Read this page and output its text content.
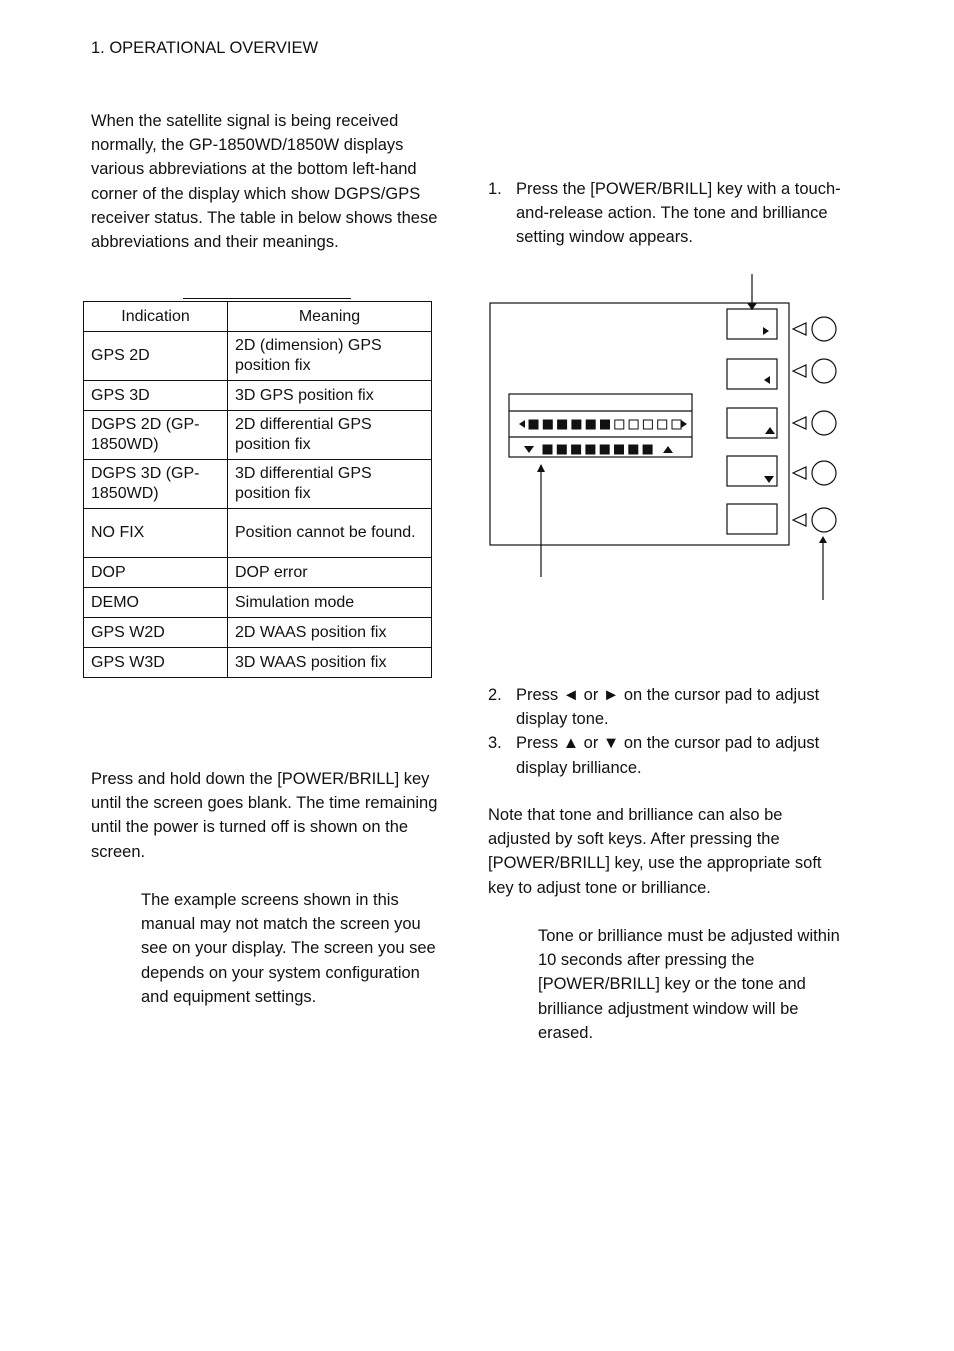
1. OPERATIONAL OVERVIEW
When the satellite signal is being received normally, the GP-1850WD/1850W displays various abbreviations at the bottom left-hand corner of the display which show DGPS/GPS receiver status. The table in below shows these abbreviations and their meanings.
Indication	Meaning
GPS 2D	2D (dimension) GPS position fix
GPS 3D	3D GPS position fix
DGPS 2D (GP-1850WD)	2D differential GPS position fix
DGPS 3D (GP-1850WD)	3D differential GPS position fix
NO FIX	Position cannot be found.
DOP	DOP error
DEMO	Simulation mode
GPS W2D	2D WAAS position fix
GPS W3D	3D WAAS position fix
Press and hold down the [POWER/BRILL] key until the screen goes blank. The time remaining until the power is turned off is shown on the screen.
The example screens shown in this manual may not match the screen you see on your display. The screen you see depends on your system configuration and equipment settings.
1. Press the [POWER/BRILL] key with a touch-and-release action. The tone and brilliance setting window appears.
2. Press ◄ or ► on the cursor pad to adjust display tone.
3. Press ▲ or ▼ on the cursor pad to adjust display brilliance.
Note that tone and brilliance can also be adjusted by soft keys. After pressing the [POWER/BRILL] key, use the appropriate soft key to adjust tone or brilliance.
Tone or brilliance must be adjusted within 10 seconds after pressing the [POWER/BRILL] key or the tone and brilliance adjustment window will be erased.
